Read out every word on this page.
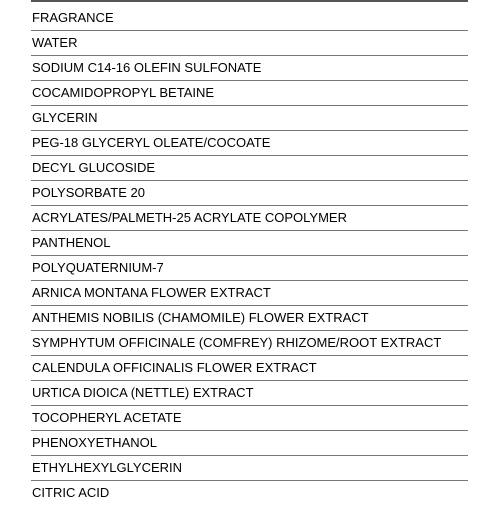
FRAGRANCE
WATER
SODIUM C14-16 OLEFIN SULFONATE
COCAMIDOPROPYL BETAINE
GLYCERIN
PEG-18 GLYCERYL OLEATE/COCOATE
DECYL GLUCOSIDE
POLYSORBATE 20
ACRYLATES/PALMETH-25 ACRYLATE COPOLYMER
PANTHENOL
POLYQUATERNIUM-7
ARNICA MONTANA FLOWER EXTRACT
ANTHEMIS NOBILIS (CHAMOMILE) FLOWER EXTRACT
SYMPHYTUM OFFICINALE (COMFREY) RHIZOME/ROOT EXTRACT
CALENDULA OFFICINALIS FLOWER EXTRACT
URTICA DIOICA (NETTLE) EXTRACT
TOCOPHERYL ACETATE
PHENOXYETHANOL
ETHYLHEXYLGLYCERIN
CITRIC ACID
